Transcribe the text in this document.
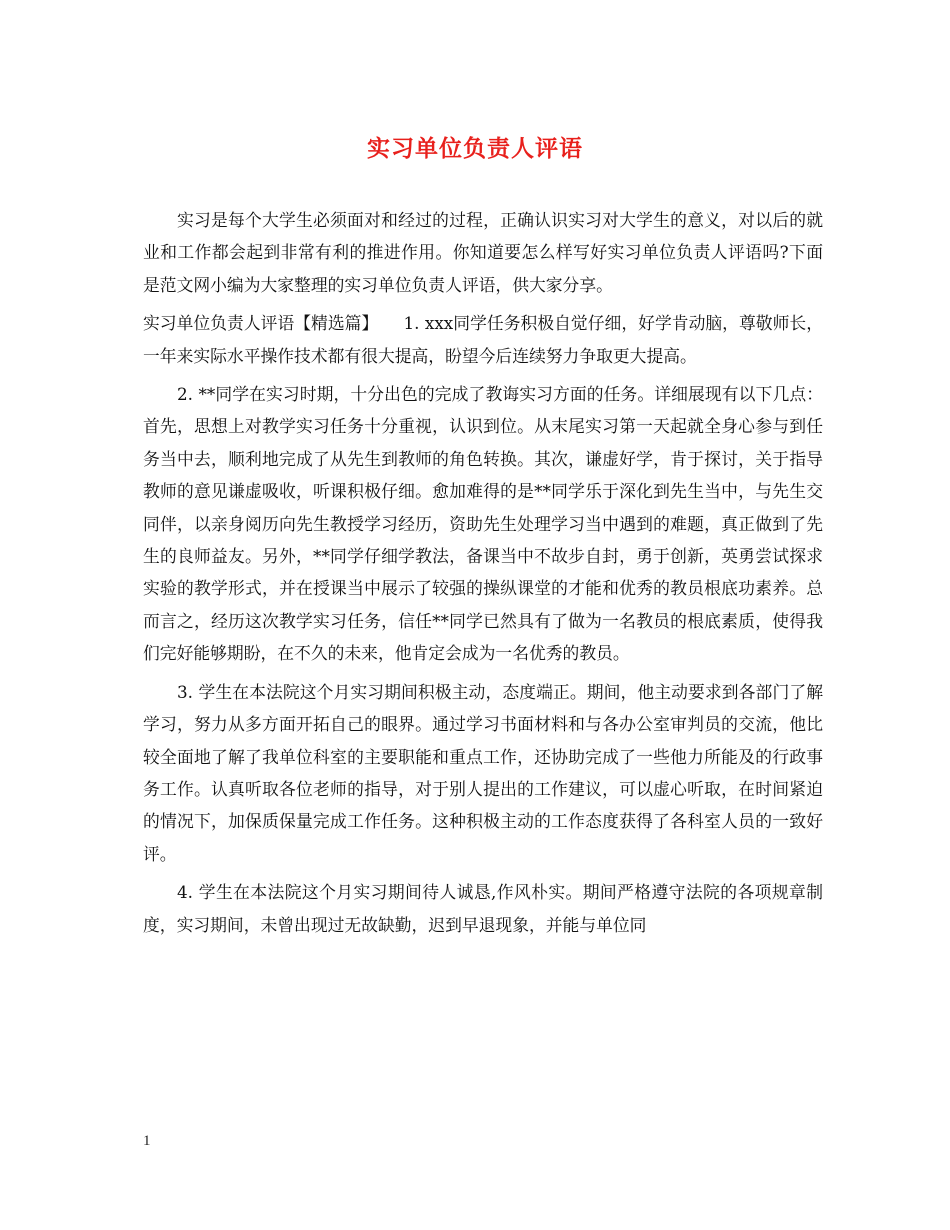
实习单位负责人评语

实习是每个大学生必须面对和经过的过程，正确认识实习对大学生的意义，对以后的就业和工作都会起到非常有利的推进作用。你知道要怎么样写好实习单位负责人评语吗?下面是范文网小编为大家整理的实习单位负责人评语，供大家分享。

实习单位负责人评语【精选篇】　　1. xxx同学任务积极自觉仔细，好学肯动脑，尊敬师长，一年来实际水平操作技术都有很大提高，盼望今后连续努力争取更大提高。

2. **同学在实习时期，十分出色的完成了教诲实习方面的任务。详细展现有以下几点：首先，思想上对教学实习任务十分重视，认识到位。从末尾实习第一天起就全身心参与到任务当中去，顺利地完成了从先生到教师的角色转换。其次，谦虚好学，肯于探讨，关于指导教师的意见谦虚吸收，听课积极仔细。愈加难得的是**同学乐于深化到先生当中，与先生交同伴，以亲身阅历向先生教授学习经历，资助先生处理学习当中遇到的难题，真正做到了先生的良师益友。另外，**同学仔细学教法，备课当中不故步自封，勇于创新，英勇尝试探求实验的教学形式，并在授课当中展示了较强的操纵课堂的才能和优秀的教员根底功素养。总而言之，经历这次教学实习任务，信任**同学已然具有了做为一名教员的根底素质，使得我们完好能够期盼，在不久的未来，他肯定会成为一名优秀的教员。

3. 学生在本法院这个月实习期间积极主动，态度端正。期间，他主动要求到各部门了解学习，努力从多方面开拓自己的眼界。通过学习书面材料和与各办公室审判员的交流，他比较全面地了解了我单位科室的主要职能和重点工作，还协助完成了一些他力所能及的行政事务工作。认真听取各位老师的指导，对于别人提出的工作建议，可以虚心听取，在时间紧迫的情况下，加保质保量完成工作任务。这种积极主动的工作态度获得了各科室人员的一致好评。

4. 学生在本法院这个月实习期间待人诚恳,作风朴实。期间严格遵守法院的各项规章制度，实习期间，未曾出现过无故缺勤，迟到早退现象，并能与单位同

1
